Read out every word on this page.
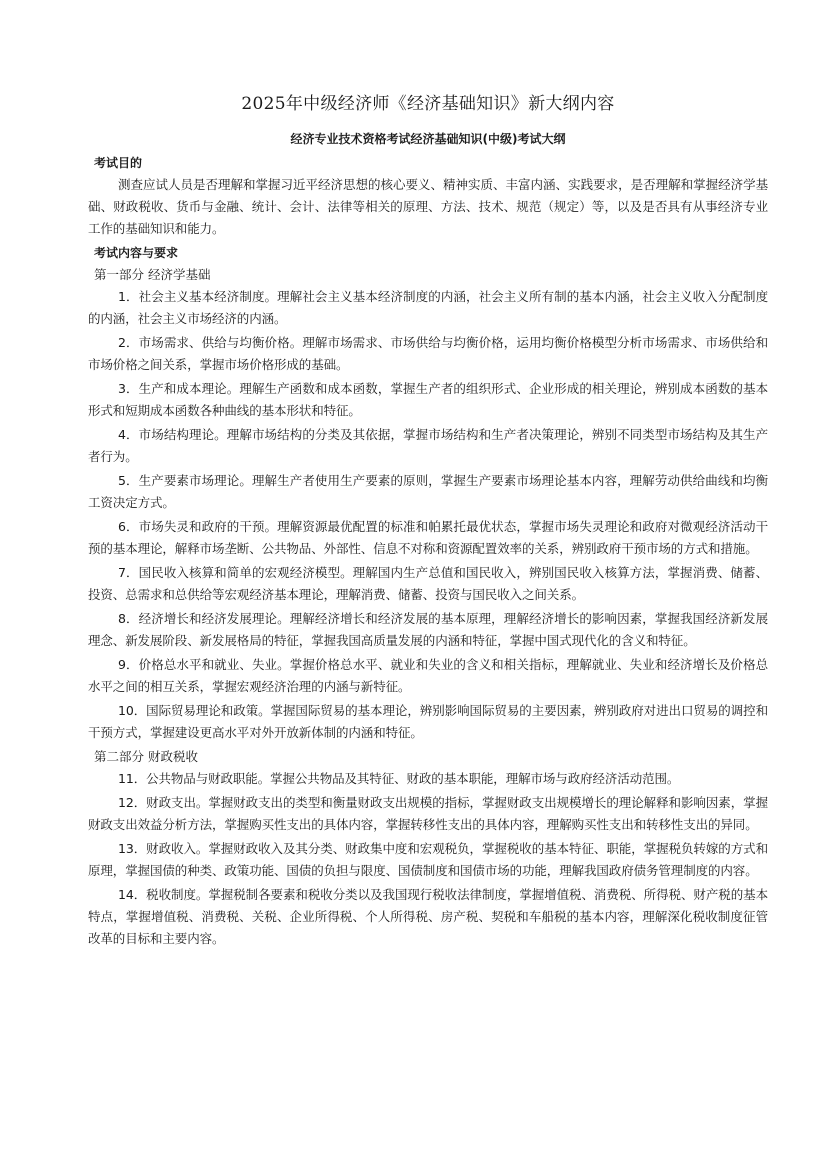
2025年中级经济师《经济基础知识》新大纲内容
经济专业技术资格考试经济基础知识(中级)考试大纲
考试目的

测查应试人员是否理解和掌握习近平经济思想的核心要义、精神实质、丰富内涵、实践要求，是否理解和掌握经济学基础、财政税收、货币与金融、统计、会计、法律等相关的原理、方法、技术、规范（规定）等，以及是否具有从事经济专业工作的基础知识和能力。

考试内容与要求
第一部分 经济学基础

1．社会主义基本经济制度。理解社会主义基本经济制度的内涵，社会主义所有制的基本内涵，社会主义收入分配制度的内涵，社会主义市场经济的内涵。

2．市场需求、供给与均衡价格。理解市场需求、市场供给与均衡价格，运用均衡价格模型分析市场需求、市场供给和市场价格之间关系，掌握市场价格形成的基础。

3．生产和成本理论。理解生产函数和成本函数，掌握生产者的组织形式、企业形成的相关理论，辨别成本函数的基本形式和短期成本函数各种曲线的基本形状和特征。

4．市场结构理论。理解市场结构的分类及其依据，掌握市场结构和生产者决策理论，辨别不同类型市场结构及其生产者行为。

5．生产要素市场理论。理解生产者使用生产要素的原则，掌握生产要素市场理论基本内容，理解劳动供给曲线和均衡工资决定方式。

6．市场失灵和政府的干预。理解资源最优配置的标准和帕累托最优状态，掌握市场失灵理论和政府对微观经济活动干预的基本理论，解释市场垄断、公共物品、外部性、信息不对称和资源配置效率的关系，辨别政府干预市场的方式和措施。

7．国民收入核算和简单的宏观经济模型。理解国内生产总值和国民收入，辨别国民收入核算方法，掌握消费、储蓄、投资、总需求和总供给等宏观经济基本理论，理解消费、储蓄、投资与国民收入之间关系。

8．经济增长和经济发展理论。理解经济增长和经济发展的基本原理，理解经济增长的影响因素，掌握我国经济新发展理念、新发展阶段、新发展格局的特征，掌握我国高质量发展的内涵和特征，掌握中国式现代化的含义和特征。

9．价格总水平和就业、失业。掌握价格总水平、就业和失业的含义和相关指标，理解就业、失业和经济增长及价格总水平之间的相互关系，掌握宏观经济治理的内涵与新特征。

10．国际贸易理论和政策。掌握国际贸易的基本理论，辨别影响国际贸易的主要因素，辨别政府对进出口贸易的调控和干预方式，掌握建设更高水平对外开放新体制的内涵和特征。

第二部分 财政税收

11．公共物品与财政职能。掌握公共物品及其特征、财政的基本职能，理解市场与政府经济活动范围。

12．财政支出。掌握财政支出的类型和衡量财政支出规模的指标，掌握财政支出规模增长的理论解释和影响因素，掌握财政支出效益分析方法，掌握购买性支出的具体内容，掌握转移性支出的具体内容，理解购买性支出和转移性支出的异同。

13．财政收入。掌握财政收入及其分类、财政集中度和宏观税负，掌握税收的基本特征、职能，掌握税负转嫁的方式和原理，掌握国债的种类、政策功能、国债的负担与限度、国债制度和国债市场的功能，理解我国政府债务管理制度的内容。

14．税收制度。掌握税制各要素和税收分类以及我国现行税收法律制度，掌握增值税、消费税、所得税、财产税的基本特点，掌握增值税、消费税、关税、企业所得税、个人所得税、房产税、契税和车船税的基本内容，理解深化税收制度征管改革的目标和主要内容。
